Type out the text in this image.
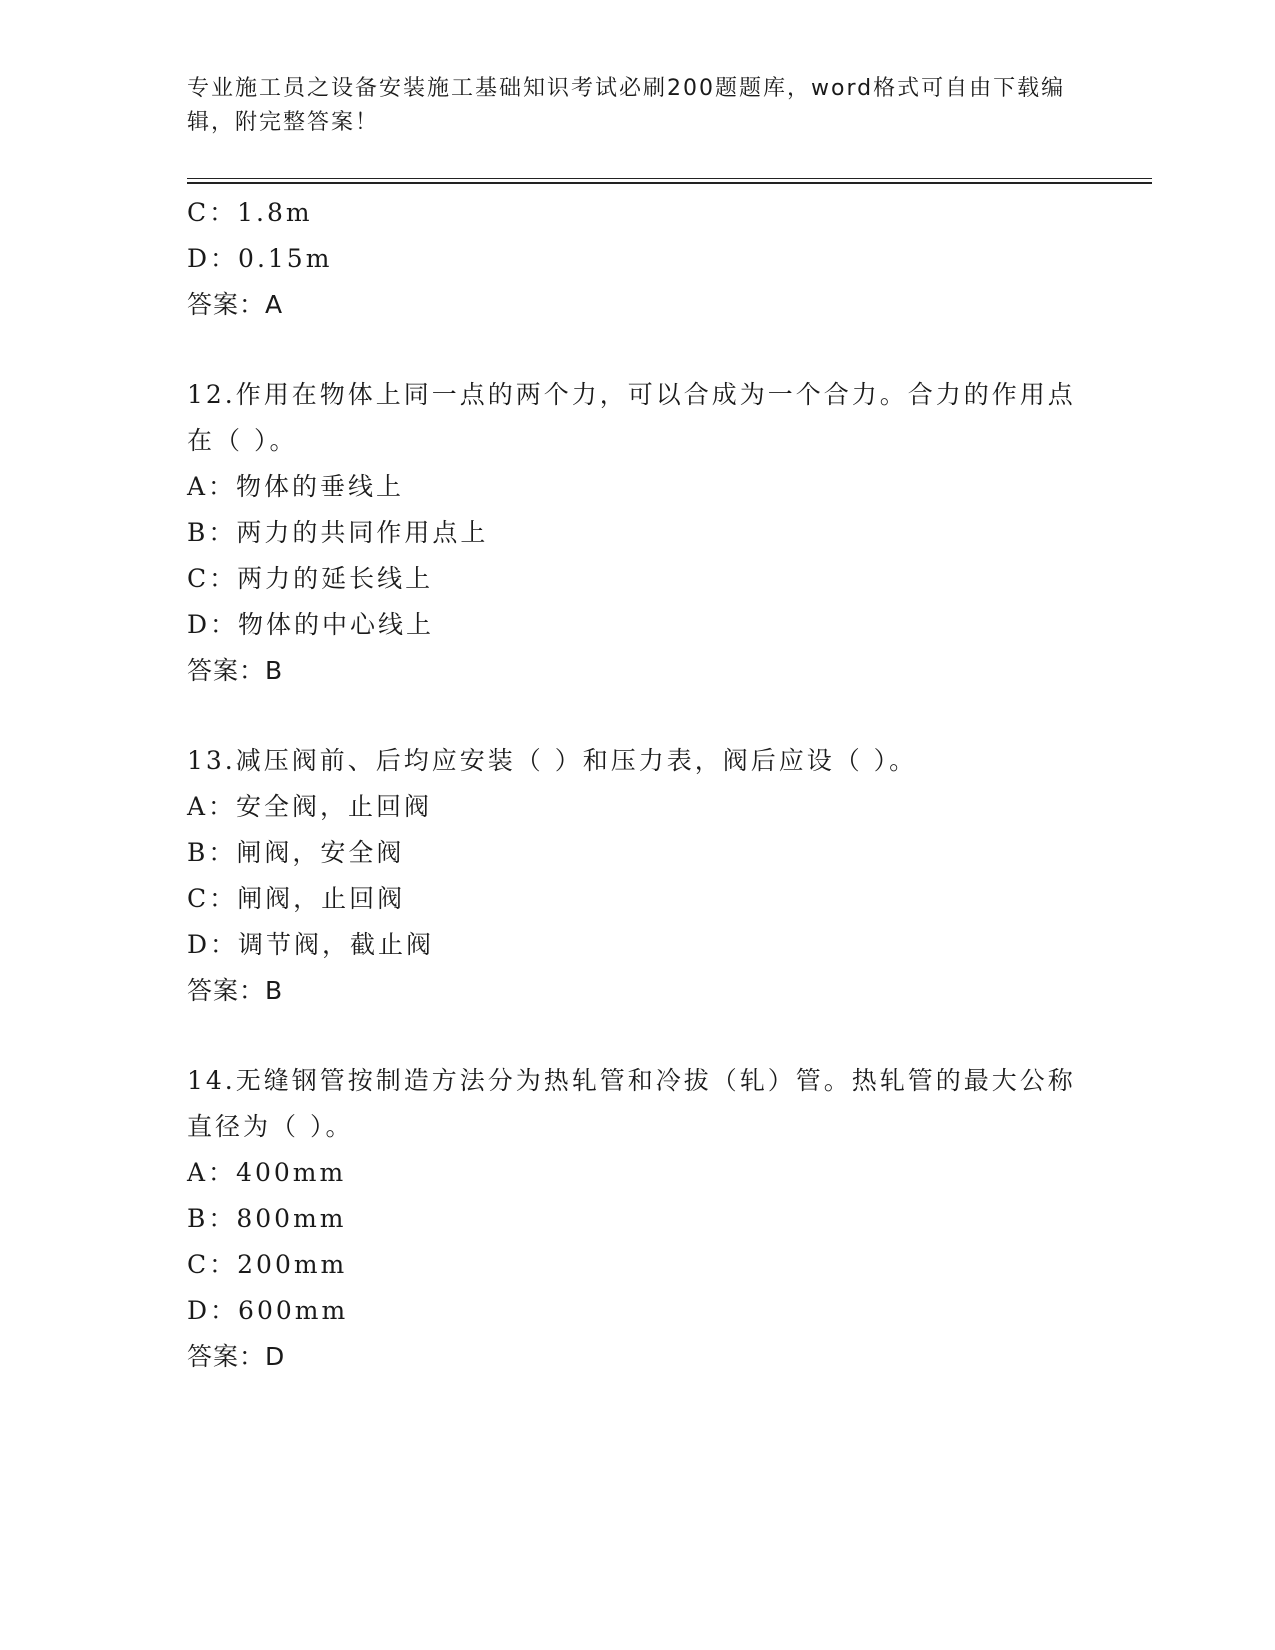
专业施工员之设备安装施工基础知识考试必刷200题题库，word格式可自由下载编辑，附完整答案！
C：1.8m
D：0.15m
答案：A
12.作用在物体上同一点的两个力，可以合成为一个合力。合力的作用点在（ ）。
A：物体的垂线上
B：两力的共同作用点上
C：两力的延长线上
D：物体的中心线上
答案：B
13.减压阀前、后均应安装（ ）和压力表，阀后应设（ ）。
A：安全阀，止回阀
B：闸阀，安全阀
C：闸阀，止回阀
D：调节阀，截止阀
答案：B
14.无缝钢管按制造方法分为热轧管和冷拔（轧）管。热轧管的最大公称直径为（ ）。
A：400mm
B：800mm
C：200mm
D：600mm
答案：D
